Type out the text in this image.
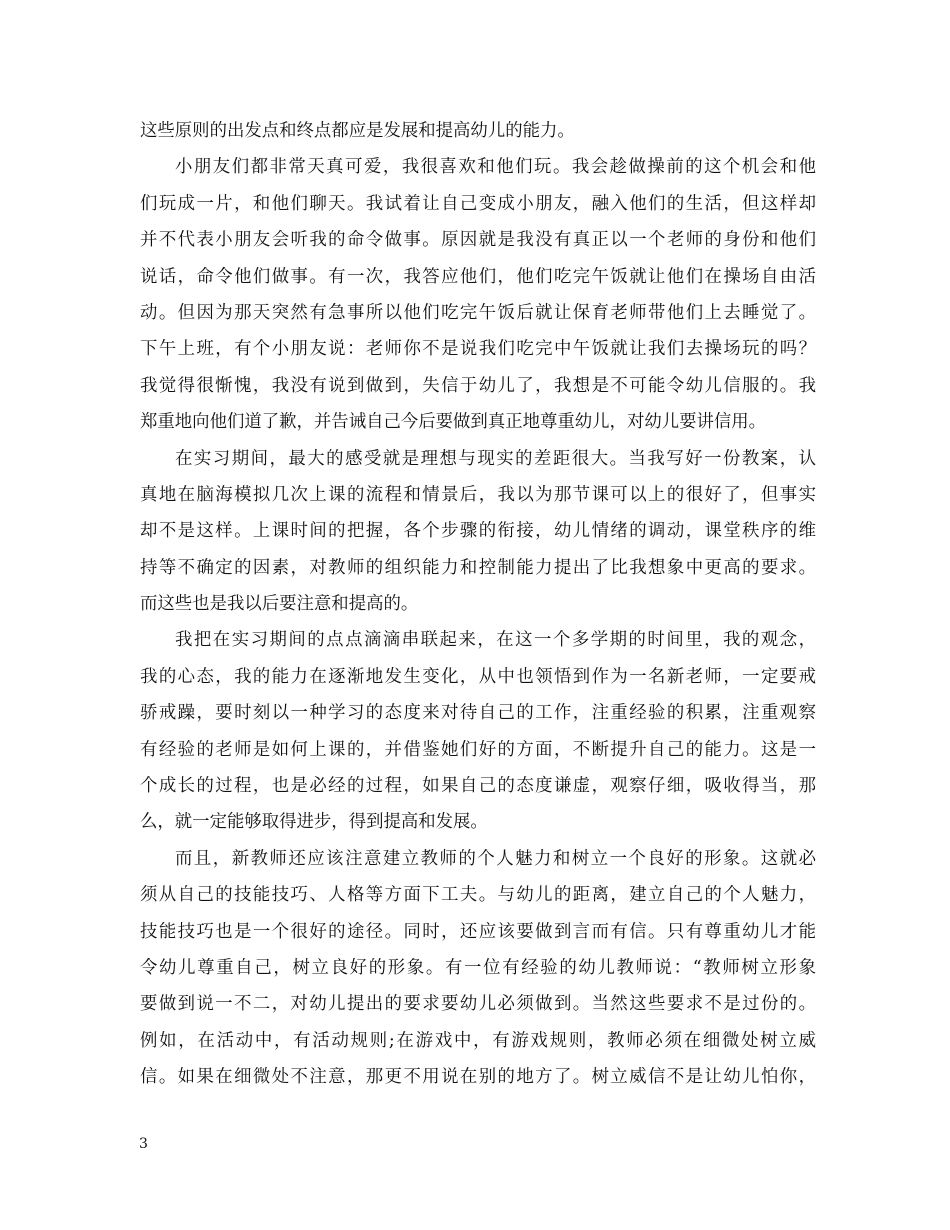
这些原则的出发点和终点都应是发展和提高幼儿的能力。
小朋友们都非常天真可爱，我很喜欢和他们玩。我会趁做操前的这个机会和他
们玩成一片，和他们聊天。我试着让自己变成小朋友，融入他们的生活，但这样却
并不代表小朋友会听我的命令做事。原因就是我没有真正以一个老师的身份和他们
说话，命令他们做事。有一次，我答应他们，他们吃完午饭就让他们在操场自由活
动。但因为那天突然有急事所以他们吃完午饭后就让保育老师带他们上去睡觉了。
下午上班，有个小朋友说：老师你不是说我们吃完中午饭就让我们去操场玩的吗？
我觉得很惭愧，我没有说到做到，失信于幼儿了，我想是不可能令幼儿信服的。我
郑重地向他们道了歉，并告诫自己今后要做到真正地尊重幼儿，对幼儿要讲信用。
在实习期间，最大的感受就是理想与现实的差距很大。当我写好一份教案，认
真地在脑海模拟几次上课的流程和情景后，我以为那节课可以上的很好了，但事实
却不是这样。上课时间的把握，各个步骤的衔接，幼儿情绪的调动，课堂秩序的维
持等不确定的因素，对教师的组织能力和控制能力提出了比我想象中更高的要求。
而这些也是我以后要注意和提高的。
我把在实习期间的点点滴滴串联起来，在这一个多学期的时间里，我的观念，
我的心态，我的能力在逐渐地发生变化，从中也领悟到作为一名新老师，一定要戒
骄戒躁，要时刻以一种学习的态度来对待自己的工作，注重经验的积累，注重观察
有经验的老师是如何上课的，并借鉴她们好的方面，不断提升自己的能力。这是一
个成长的过程，也是必经的过程，如果自己的态度谦虚，观察仔细，吸收得当，那
么，就一定能够取得进步，得到提高和发展。
而且，新教师还应该注意建立教师的个人魅力和树立一个良好的形象。这就必
须从自己的技能技巧、人格等方面下工夫。与幼儿的距离，建立自己的个人魅力，
技能技巧也是一个很好的途径。同时，还应该要做到言而有信。只有尊重幼儿才能
令幼儿尊重自己，树立良好的形象。有一位有经验的幼儿教师说：“教师树立形象
要做到说一不二，对幼儿提出的要求要幼儿必须做到。当然这些要求不是过份的。
例如，在活动中，有活动规则;在游戏中，有游戏规则，教师必须在细微处树立威
信。如果在细微处不注意，那更不用说在别的地方了。树立威信不是让幼儿怕你，
3
